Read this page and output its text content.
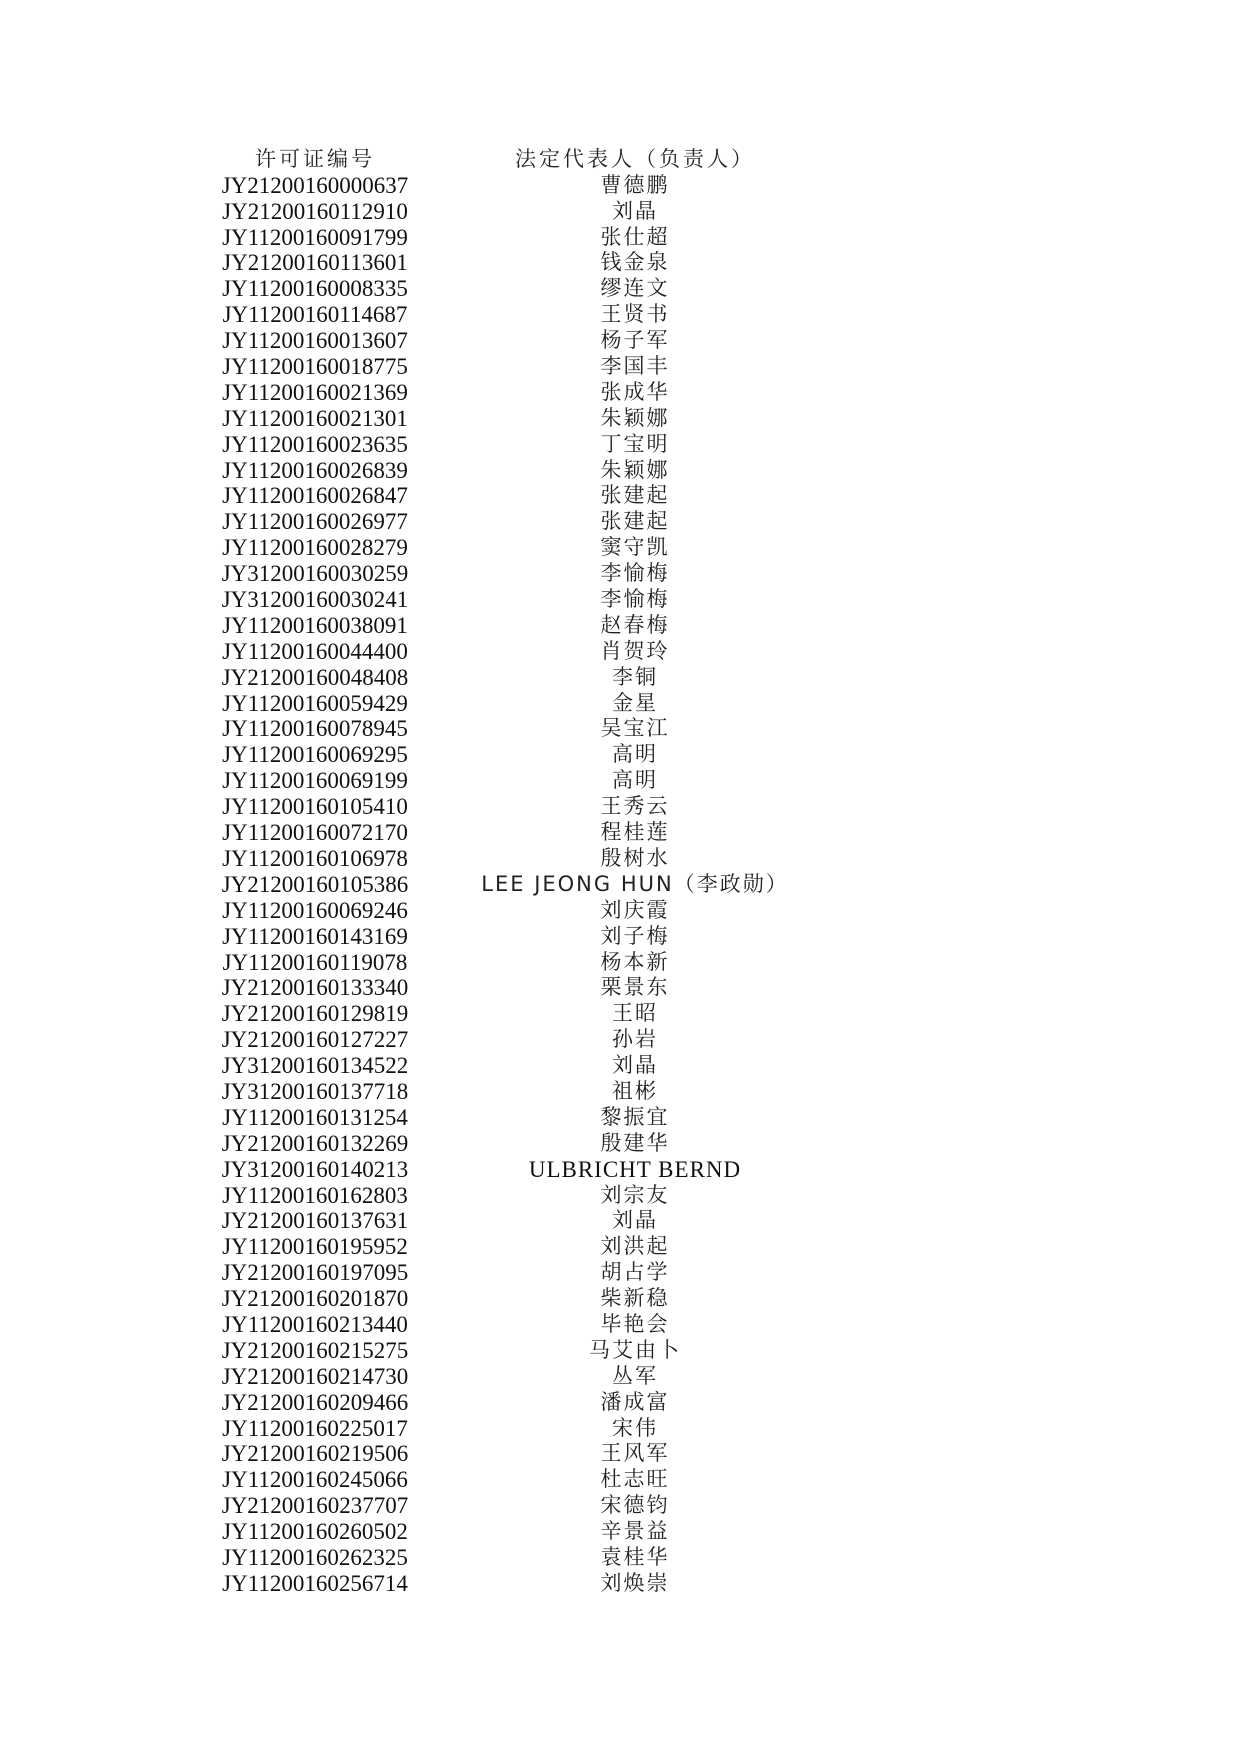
许可证编号	法定代表人（负责人）
JY21200160000637	曹德鹏
JY21200160112910	刘晶
JY11200160091799	张仕超
JY21200160113601	钱金泉
JY11200160008335	缪连文
JY11200160114687	王贤书
JY11200160013607	杨子军
JY11200160018775	李国丰
JY11200160021369	张成华
JY11200160021301	朱颖娜
JY11200160023635	丁宝明
JY11200160026839	朱颖娜
JY11200160026847	张建起
JY11200160026977	张建起
JY11200160028279	窦守凯
JY31200160030259	李愉梅
JY31200160030241	李愉梅
JY11200160038091	赵春梅
JY11200160044400	肖贺玲
JY21200160048408	李铜
JY11200160059429	金星
JY11200160078945	吴宝江
JY11200160069295	高明
JY11200160069199	高明
JY11200160105410	王秀云
JY11200160072170	程桂莲
JY11200160106978	殷树水
JY21200160105386	LEE JEONG HUN（李政勋）
JY11200160069246	刘庆霞
JY11200160143169	刘子梅
JY11200160119078	杨本新
JY21200160133340	栗景东
JY21200160129819	王昭
JY21200160127227	孙岩
JY31200160134522	刘晶
JY31200160137718	祖彬
JY11200160131254	黎振宜
JY21200160132269	殷建华
JY31200160140213	ULBRICHT BERND
JY11200160162803	刘宗友
JY21200160137631	刘晶
JY11200160195952	刘洪起
JY21200160197095	胡占学
JY21200160201870	柴新稳
JY11200160213440	毕艳会
JY21200160215275	马艾由卜
JY21200160214730	丛军
JY21200160209466	潘成富
JY11200160225017	宋伟
JY21200160219506	王风军
JY11200160245066	杜志旺
JY21200160237707	宋德钧
JY11200160260502	辛景益
JY11200160262325	袁桂华
JY11200160256714	刘焕崇
